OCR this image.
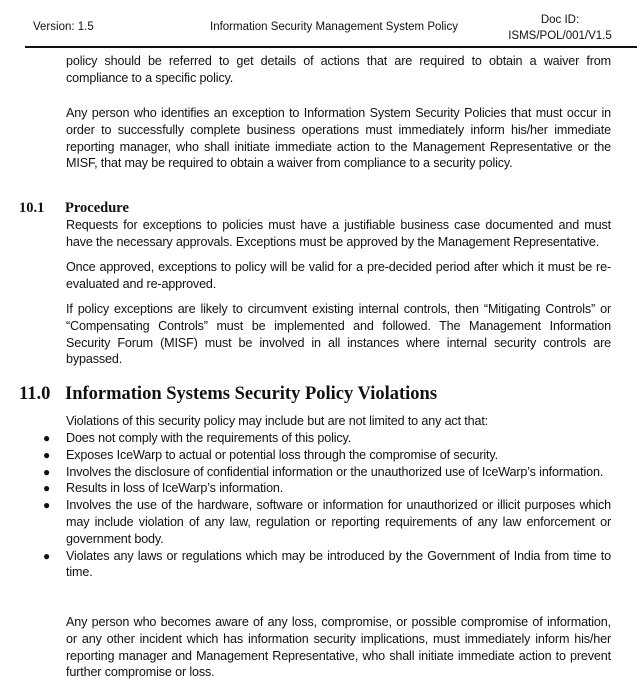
Version: 1.5	Information Security Management System Policy
Doc ID:
ISMS/POL/001/V1.5

policy should be referred to get details of actions that are required to obtain a waiver from compliance to a specific policy.

Any person who identifies an exception to Information System Security Policies that must occur in order to successfully complete business operations must immediately inform his/her immediate reporting manager, who shall initiate immediate action to the Management Representative or the MISF, that may be required to obtain a waiver from compliance to a security policy.

10.1 Procedure

Requests for exceptions to policies must have a justifiable business case documented and must have the necessary approvals. Exceptions must be approved by the Management Representative.

Once approved, exceptions to policy will be valid for a pre-decided period after which it must be re-evaluated and re-approved.

If policy exceptions are likely to circumvent existing internal controls, then “Mitigating Controls” or “Compensating Controls” must be implemented and followed. The Management Information Security Forum (MISF) must be involved in all instances where internal security controls are bypassed.

11.0 Information Systems Security Policy Violations

Violations of this security policy may include but are not limited to any act that:

● Does not comply with the requirements of this policy.
● Exposes IceWarp to actual or potential loss through the compromise of security.
● Involves the disclosure of confidential information or the unauthorized use of IceWarp’s information.
● Results in loss of IceWarp’s information.
● Involves the use of the hardware, software or information for unauthorized or illicit purposes which may include violation of any law, regulation or reporting requirements of any law enforcement or government body.
● Violates any laws or regulations which may be introduced by the Government of India from time to time.

Any person who becomes aware of any loss, compromise, or possible compromise of information, or any other incident which has information security implications, must immediately inform his/her reporting manager and Management Representative, who shall initiate immediate action to prevent further compromise or loss.
